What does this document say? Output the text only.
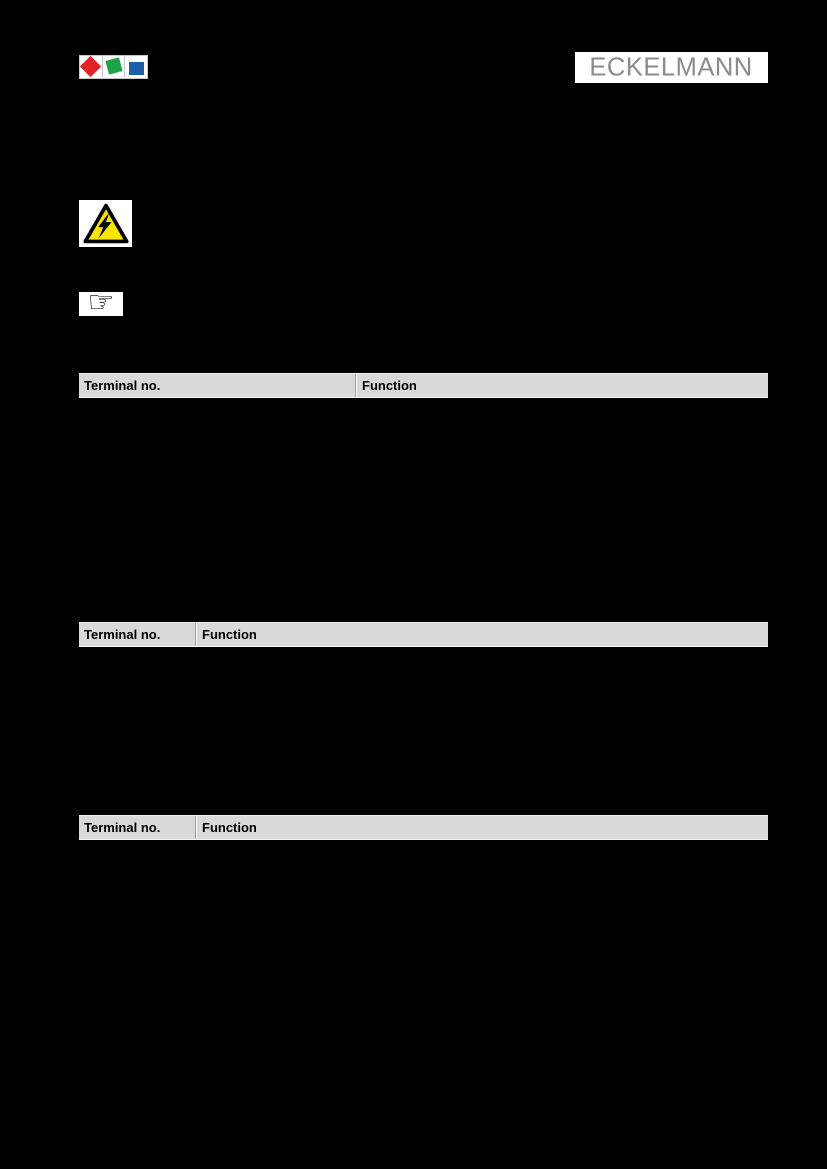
ECKELMANN
☞
Terminal no.	Function
Terminal no.	Function
Terminal no.	Function
